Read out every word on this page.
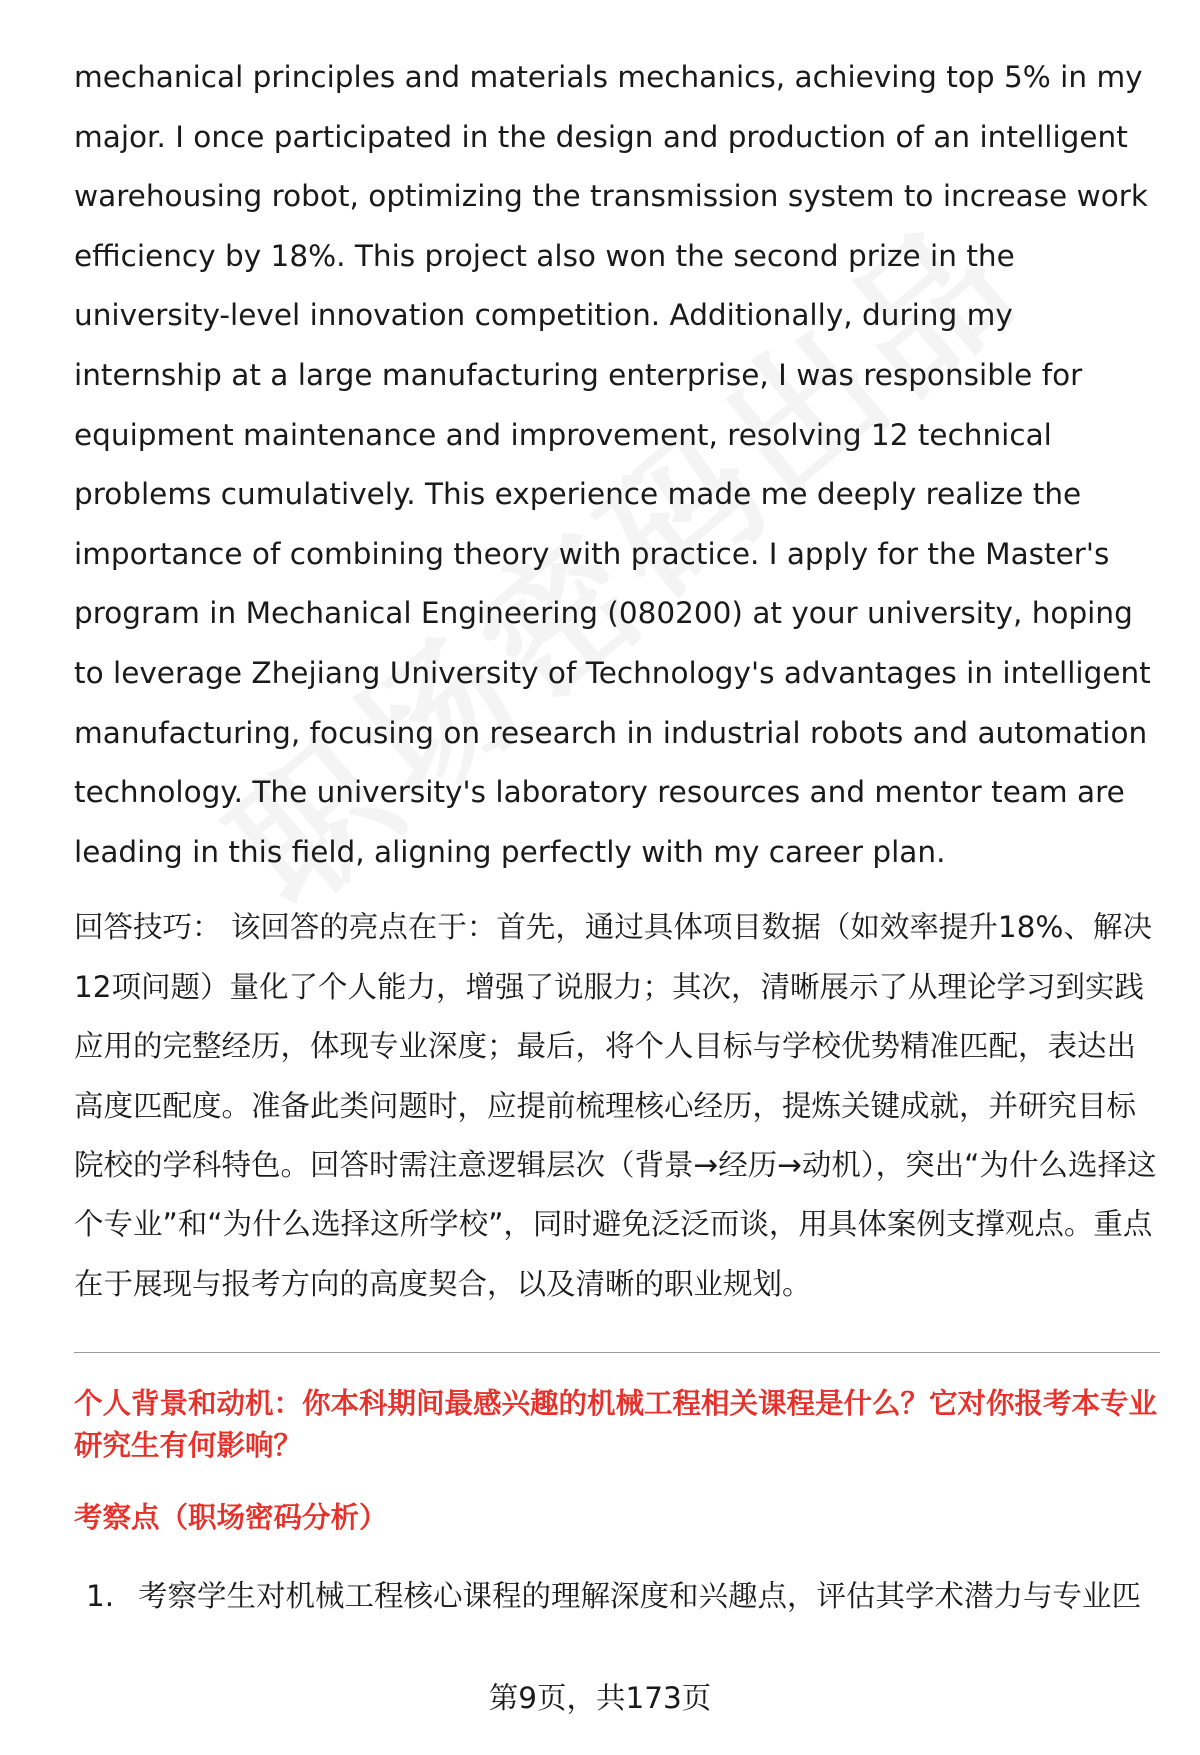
mechanical principles and materials mechanics, achieving top 5% in my major. I once participated in the design and production of an intelligent warehousing robot, optimizing the transmission system to increase work efficiency by 18%. This project also won the second prize in the university-level innovation competition. Additionally, during my internship at a large manufacturing enterprise, I was responsible for equipment maintenance and improvement, resolving 12 technical problems cumulatively. This experience made me deeply realize the importance of combining theory with practice. I apply for the Master's program in Mechanical Engineering (080200) at your university, hoping to leverage Zhejiang University of Technology's advantages in intelligent manufacturing, focusing on research in industrial robots and automation technology. The university's laboratory resources and mentor team are leading in this field, aligning perfectly with my career plan.

回答技巧： 该回答的亮点在于：首先，通过具体项目数据（如效率提升18%、解决12项问题）量化了个人能力，增强了说服力；其次，清晰展示了从理论学习到实践应用的完整经历，体现专业深度；最后，将个人目标与学校优势精准匹配，表达出高度匹配度。准备此类问题时，应提前梳理核心经历，提炼关键成就，并研究目标院校的学科特色。回答时需注意逻辑层次（背景→经历→动机），突出“为什么选择这个专业”和“为什么选择这所学校”，同时避免泛泛而谈，用具体案例支撑观点。重点在于展现与报考方向的高度契合，以及清晰的职业规划。

个人背景和动机：你本科期间最感兴趣的机械工程相关课程是什么？它对你报考本专业研究生有何影响？

考察点（职场密码分析）

1. 考察学生对机械工程核心课程的理解深度和兴趣点，评估其学术潜力与专业匹
第9页，共173页
